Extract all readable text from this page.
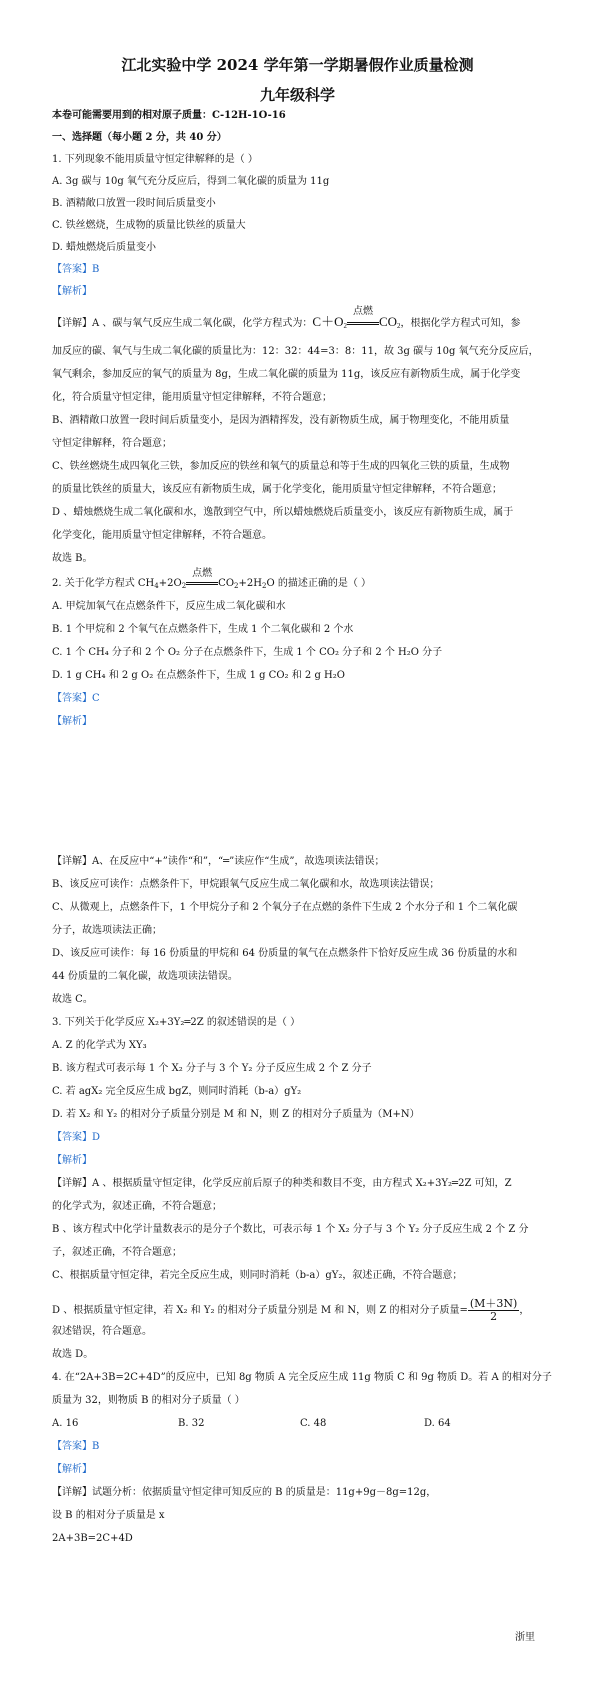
江北实验中学 2024 学年第一学期暑假作业质量检测
九年级科学
本卷可能需要用到的相对原子质量：C-12H-1O-16
一、选择题（每小题 2 分，共 40 分）
1. 下列现象不能用质量守恒定律解释的是（ ）
A. 3g 碳与 10g 氧气充分反应后，得到二氧化碳的质量为 11g
B. 酒精敞口放置一段时间后质量变小
C. 铁丝燃烧，生成物的质量比铁丝的质量大
D. 蜡烛燃烧后质量变小
【答案】B
【解析】
【详解】A 、碳与氧气反应生成二氧化碳，化学方程式为：$C+O_2$
点燃
$CO_2$，根据化学方程式可知，参
加反应的碳、氧气与生成二氧化碳的质量比为：12：32：44=3：8：11，故 3g 碳与 10g 氧气充分反应后，
氧气剩余，参加反应的氧气的质量为 8g，生成二氧化碳的质量为 11g，该反应有新物质生成，属于化学变
化，符合质量守恒定律，能用质量守恒定律解释，不符合题意；
B、酒精敞口放置一段时间后质量变小，是因为酒精挥发，没有新物质生成，属于物理变化，不能用质量
守恒定律解释，符合题意；
C、铁丝燃烧生成四氧化三铁，参加反应的铁丝和氧气的质量总和等于生成的四氧化三铁的质量，生成物
的质量比铁丝的质量大，该反应有新物质生成，属于化学变化，能用质量守恒定律解释，不符合题意；
D 、蜡烛燃烧生成二氧化碳和水，逸散到空气中，所以蜡烛燃烧后质量变小，该反应有新物质生成，属于
化学变化，能用质量守恒定律解释，不符合题意。
故选 B。
2. 关于化学方程式 $CH_4+2O_2$
点燃
$CO_2+2H_2O$ 的描述正确的是（ ）
A. 甲烷加氧气在点燃条件下，反应生成二氧化碳和水
B. 1 个甲烷和 2 个氧气在点燃条件下，生成 1 个二氧化碳和 2 个水
C. 1 个 CH₄ 分子和 2 个 O₂ 分子在点燃条件下，生成 1 个 CO₂ 分子和 2 个 H₂O 分子
D. 1 g CH₄ 和 2 g O₂ 在点燃条件下，生成 1 g CO₂ 和 2 g H₂O
【答案】C
【解析】
【详解】A、在反应中“+”读作“和”，“═”读应作“生成”，故选项读法错误；
B、该反应可读作：点燃条件下，甲烷跟氧气反应生成二氧化碳和水，故选项读法错误；
C、从微观上，点燃条件下，1 个甲烷分子和 2 个氧分子在点燃的条件下生成 2 个水分子和 1 个二氧化碳
分子，故选项读法正确；
D、该反应可读作：每 16 份质量的甲烷和 64 份质量的氧气在点燃条件下恰好反应生成 36 份质量的水和
44 份质量的二氧化碳，故选项读法错误。
故选 C。
3. 下列关于化学反应 X₂+3Y₂═2Z 的叙述错误的是（ ）
A. Z 的化学式为 XY₃
B. 该方程式可表示每 1 个 X₂ 分子与 3 个 Y₂ 分子反应生成 2 个 Z 分子
C. 若 agX₂ 完全反应生成 bgZ，则同时消耗（b-a）gY₂
D. 若 X₂ 和 Y₂ 的相对分子质量分别是 M 和 N，则 Z 的相对分子质量为（M+N）
【答案】D
【解析】
【详解】A 、根据质量守恒定律，化学反应前后原子的种类和数目不变，由方程式 X₂+3Y₂═2Z 可知，Z
的化学式为，叙述正确，不符合题意；
B 、该方程式中化学计量数表示的是分子个数比，可表示每 1 个 X₂ 分子与 3 个 Y₂ 分子反应生成 2 个 Z 分
子，叙述正确，不符合题意；
C、根据质量守恒定律，若完全反应生成，则同时消耗（b-a）gY₂，叙述正确，不符合题意；
D 、根据质量守恒定律，若 X₂ 和 Y₂ 的相对分子质量分别是 M 和 N，则 Z 的相对分子质量= $\frac{(M+3N)}{2}$ ，
叙述错误，符合题意。
故选 D。
4. 在“2A+3B=2C+4D”的反应中，已知 8g 物质 A 完全反应生成 11g 物质 C 和 9g 物质 D。若 A 的相对分子
质量为 32，则物质 B 的相对分子质量（ ）
A. 16	B. 32	C. 48	D. 64
【答案】B
【解析】
【详解】试题分析：依据质量守恒定律可知反应的 B 的质量是：11g+9g－8g=12g，
设 B 的相对分子质量是 x
2A+3B=2C+4D
浙里
